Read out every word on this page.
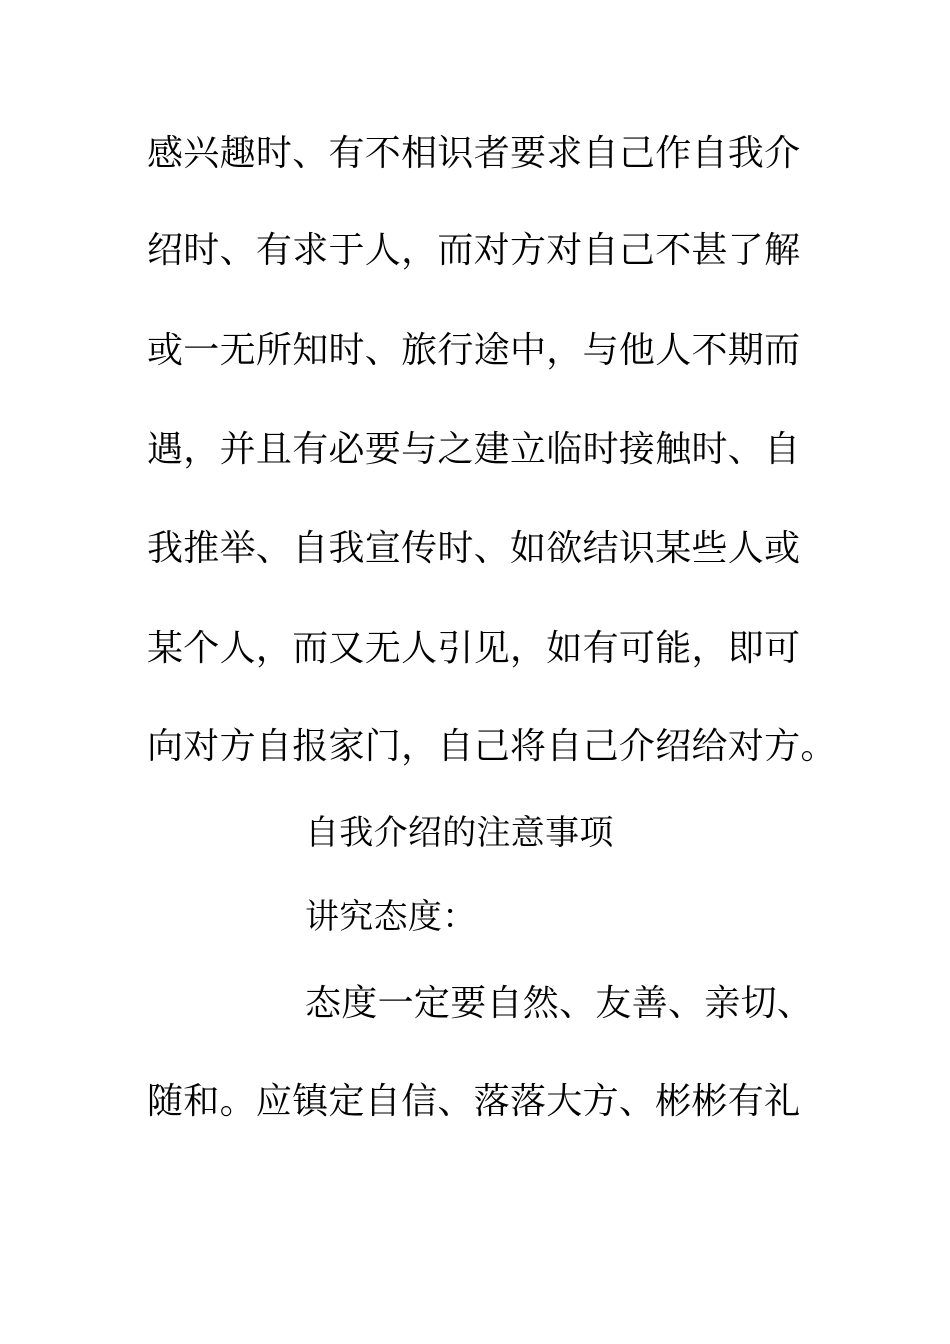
感兴趣时、有不相识者要求自己作自我介
绍时、有求于人，而对方对自己不甚了解
或一无所知时、旅行途中，与他人不期而
遇，并且有必要与之建立临时接触时、自
我推举、自我宣传时、如欲结识某些人或
某个人，而又无人引见，如有可能，即可
向对方自报家门，自己将自己介绍给对方。
自我介绍的注意事项
讲究态度：
态度一定要自然、友善、亲切、
随和。应镇定自信、落落大方、彬彬有礼
